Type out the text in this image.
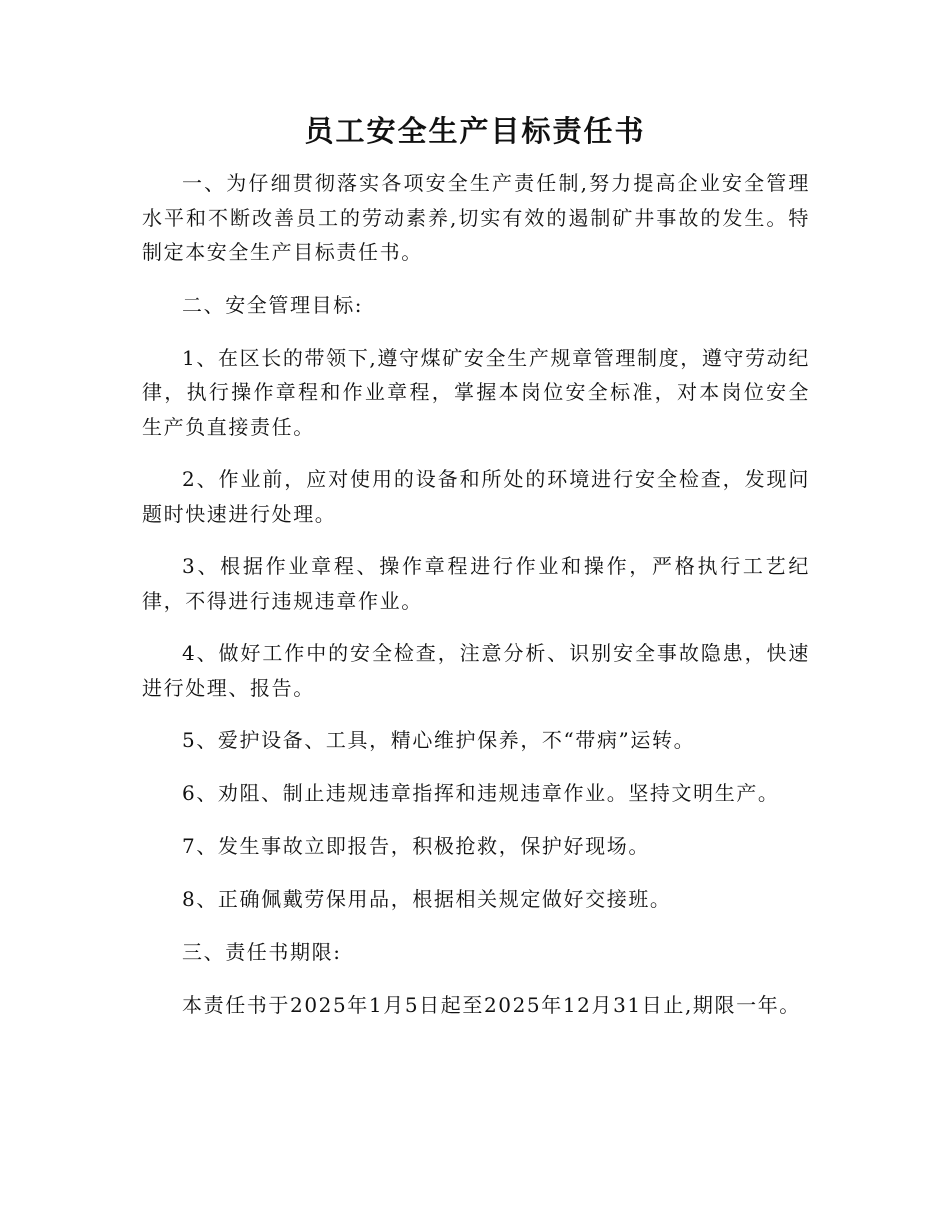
员工安全生产目标责任书

一、为仔细贯彻落实各项安全生产责任制,努力提高企业安全管理水平和不断改善员工的劳动素养,切实有效的遏制矿井事故的发生。特制定本安全生产目标责任书。

二、安全管理目标:

1、在区长的带领下,遵守煤矿安全生产规章管理制度，遵守劳动纪律，执行操作章程和作业章程，掌握本岗位安全标准，对本岗位安全生产负直接责任。

2、作业前，应对使用的设备和所处的环境进行安全检查，发现问题时快速进行处理。

3、根据作业章程、操作章程进行作业和操作，严格执行工艺纪律，不得进行违规违章作业。

4、做好工作中的安全检查，注意分析、识别安全事故隐患，快速进行处理、报告。

5、爱护设备、工具，精心维护保养，不“带病”运转。

6、劝阻、制止违规违章指挥和违规违章作业。坚持文明生产。

7、发生事故立即报告，积极抢救，保护好现场。

8、正确佩戴劳保用品，根据相关规定做好交接班。

三、责任书期限:

本责任书于2025年1月5日起至2025年12月31日止,期限一年。
